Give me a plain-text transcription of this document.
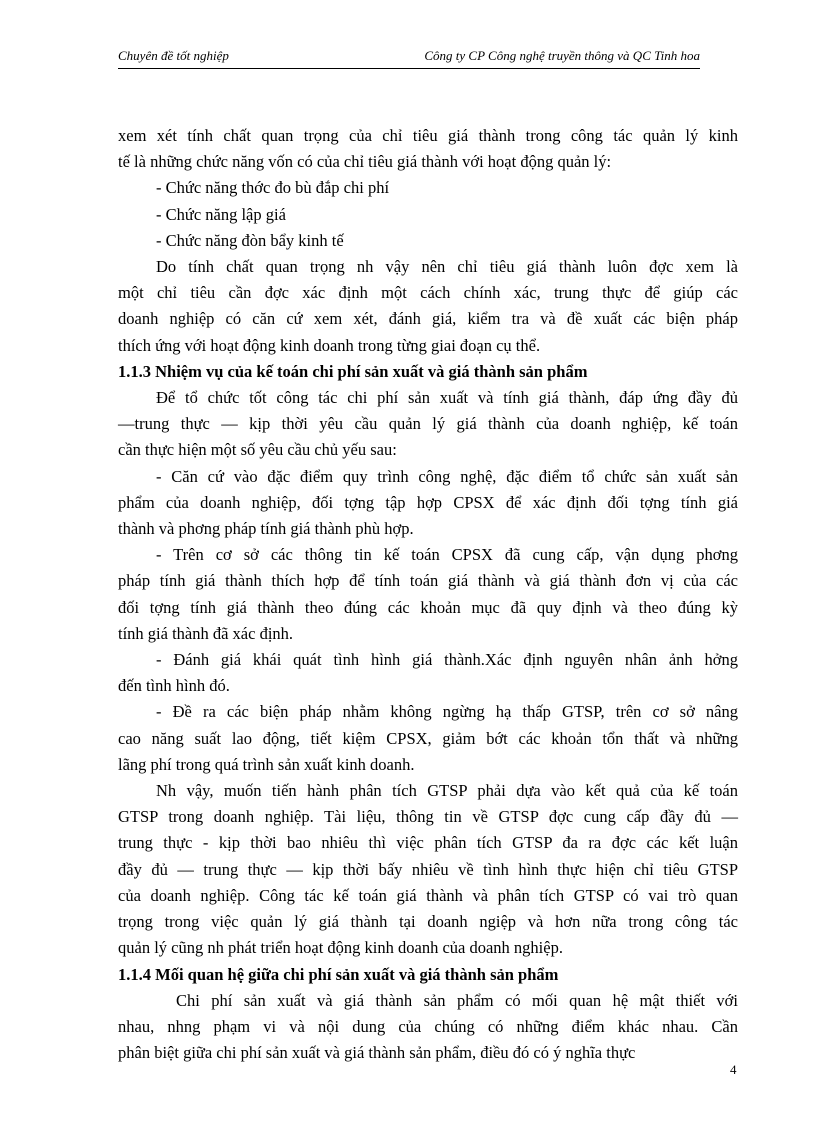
Chuyên đề tốt nghiệp	Công ty CP Công nghệ truyền thông và QC Tinh hoa
xem xét tính chất quan trọng của chỉ tiêu giá thành trong công tác quản lý kinh
tế là những chức năng vốn có của chỉ tiêu giá thành với hoạt động quản lý:
- Chức năng thớc đo bù đắp chi phí
- Chức năng lập giá
- Chức năng đòn bẩy kinh tế
Do tính chất quan trọng nh vậy nên chỉ tiêu giá thành luôn đợc xem là
một chỉ tiêu cần đợc xác định một cách chính xác, trung thực để giúp các
doanh nghiệp có căn cứ xem xét, đánh giá, kiểm tra và đề xuất các biện pháp
thích ứng với hoạt động kinh doanh trong từng giai đoạn cụ thể.
1.1.3 Nhiệm vụ của kế toán chi phí sản xuất và giá thành sản phẩm
Để tổ chức tốt công tác chi phí sản xuất và tính giá thành, đáp ứng đầy đủ
—trung thực — kịp thời yêu cầu quản lý giá thành của doanh nghiệp, kế toán
cần thực hiện một số yêu cầu chủ yếu sau:
- Căn cứ vào đặc điểm quy trình công nghệ, đặc điểm tổ chức sản xuất sản
phẩm của doanh nghiệp, đối tợng tập hợp CPSX để xác định đối tợng tính giá
thành và phơng pháp tính giá thành phù hợp.
- Trên cơ sở các thông tin kế toán CPSX đã cung cấp, vận dụng phơng
pháp tính giá thành thích hợp để tính toán giá thành và giá thành đơn vị của các
đối tợng tính giá thành theo đúng các khoản mục đã quy định và theo đúng kỳ
tính giá thành đã xác định.
- Đánh giá khái quát tình hình giá thành.Xác định nguyên nhân ảnh hởng
đến tình hình đó.
- Đề ra các biện pháp nhằm không ngừng hạ thấp GTSP, trên cơ sở nâng
cao năng suất lao động, tiết kiệm CPSX, giảm bớt các khoản tổn thất và những
lãng phí trong quá trình sản xuất kinh doanh.
Nh vậy, muốn tiến hành phân tích GTSP phải dựa vào kết quả của kế toán
GTSP trong doanh nghiệp. Tài liệu, thông tin về GTSP đợc cung cấp đầy đủ —
trung thực - kịp thời bao nhiêu thì việc phân tích GTSP đa ra đợc các kết luận
đầy đủ — trung thực — kịp thời bấy nhiêu về tình hình thực hiện chỉ tiêu GTSP
của doanh nghiệp. Công tác kế toán giá thành và phân tích GTSP có vai trò quan
trọng trong việc quản lý giá thành tại doanh ngiệp và hơn nữa trong công tác
quản lý cũng nh phát triển hoạt động kinh doanh của doanh nghiệp.
1.1.4 Mối quan hệ giữa chi phí sản xuất và giá thành sản phẩm
Chi phí sản xuất và giá thành sản phẩm có mối quan hệ mật thiết với
nhau, nhng phạm vi và nội dung của chúng có những điểm khác nhau. Cần
phân biệt giữa chi phí sản xuất và giá thành sản phẩm, điều đó có ý nghĩa thực
4
